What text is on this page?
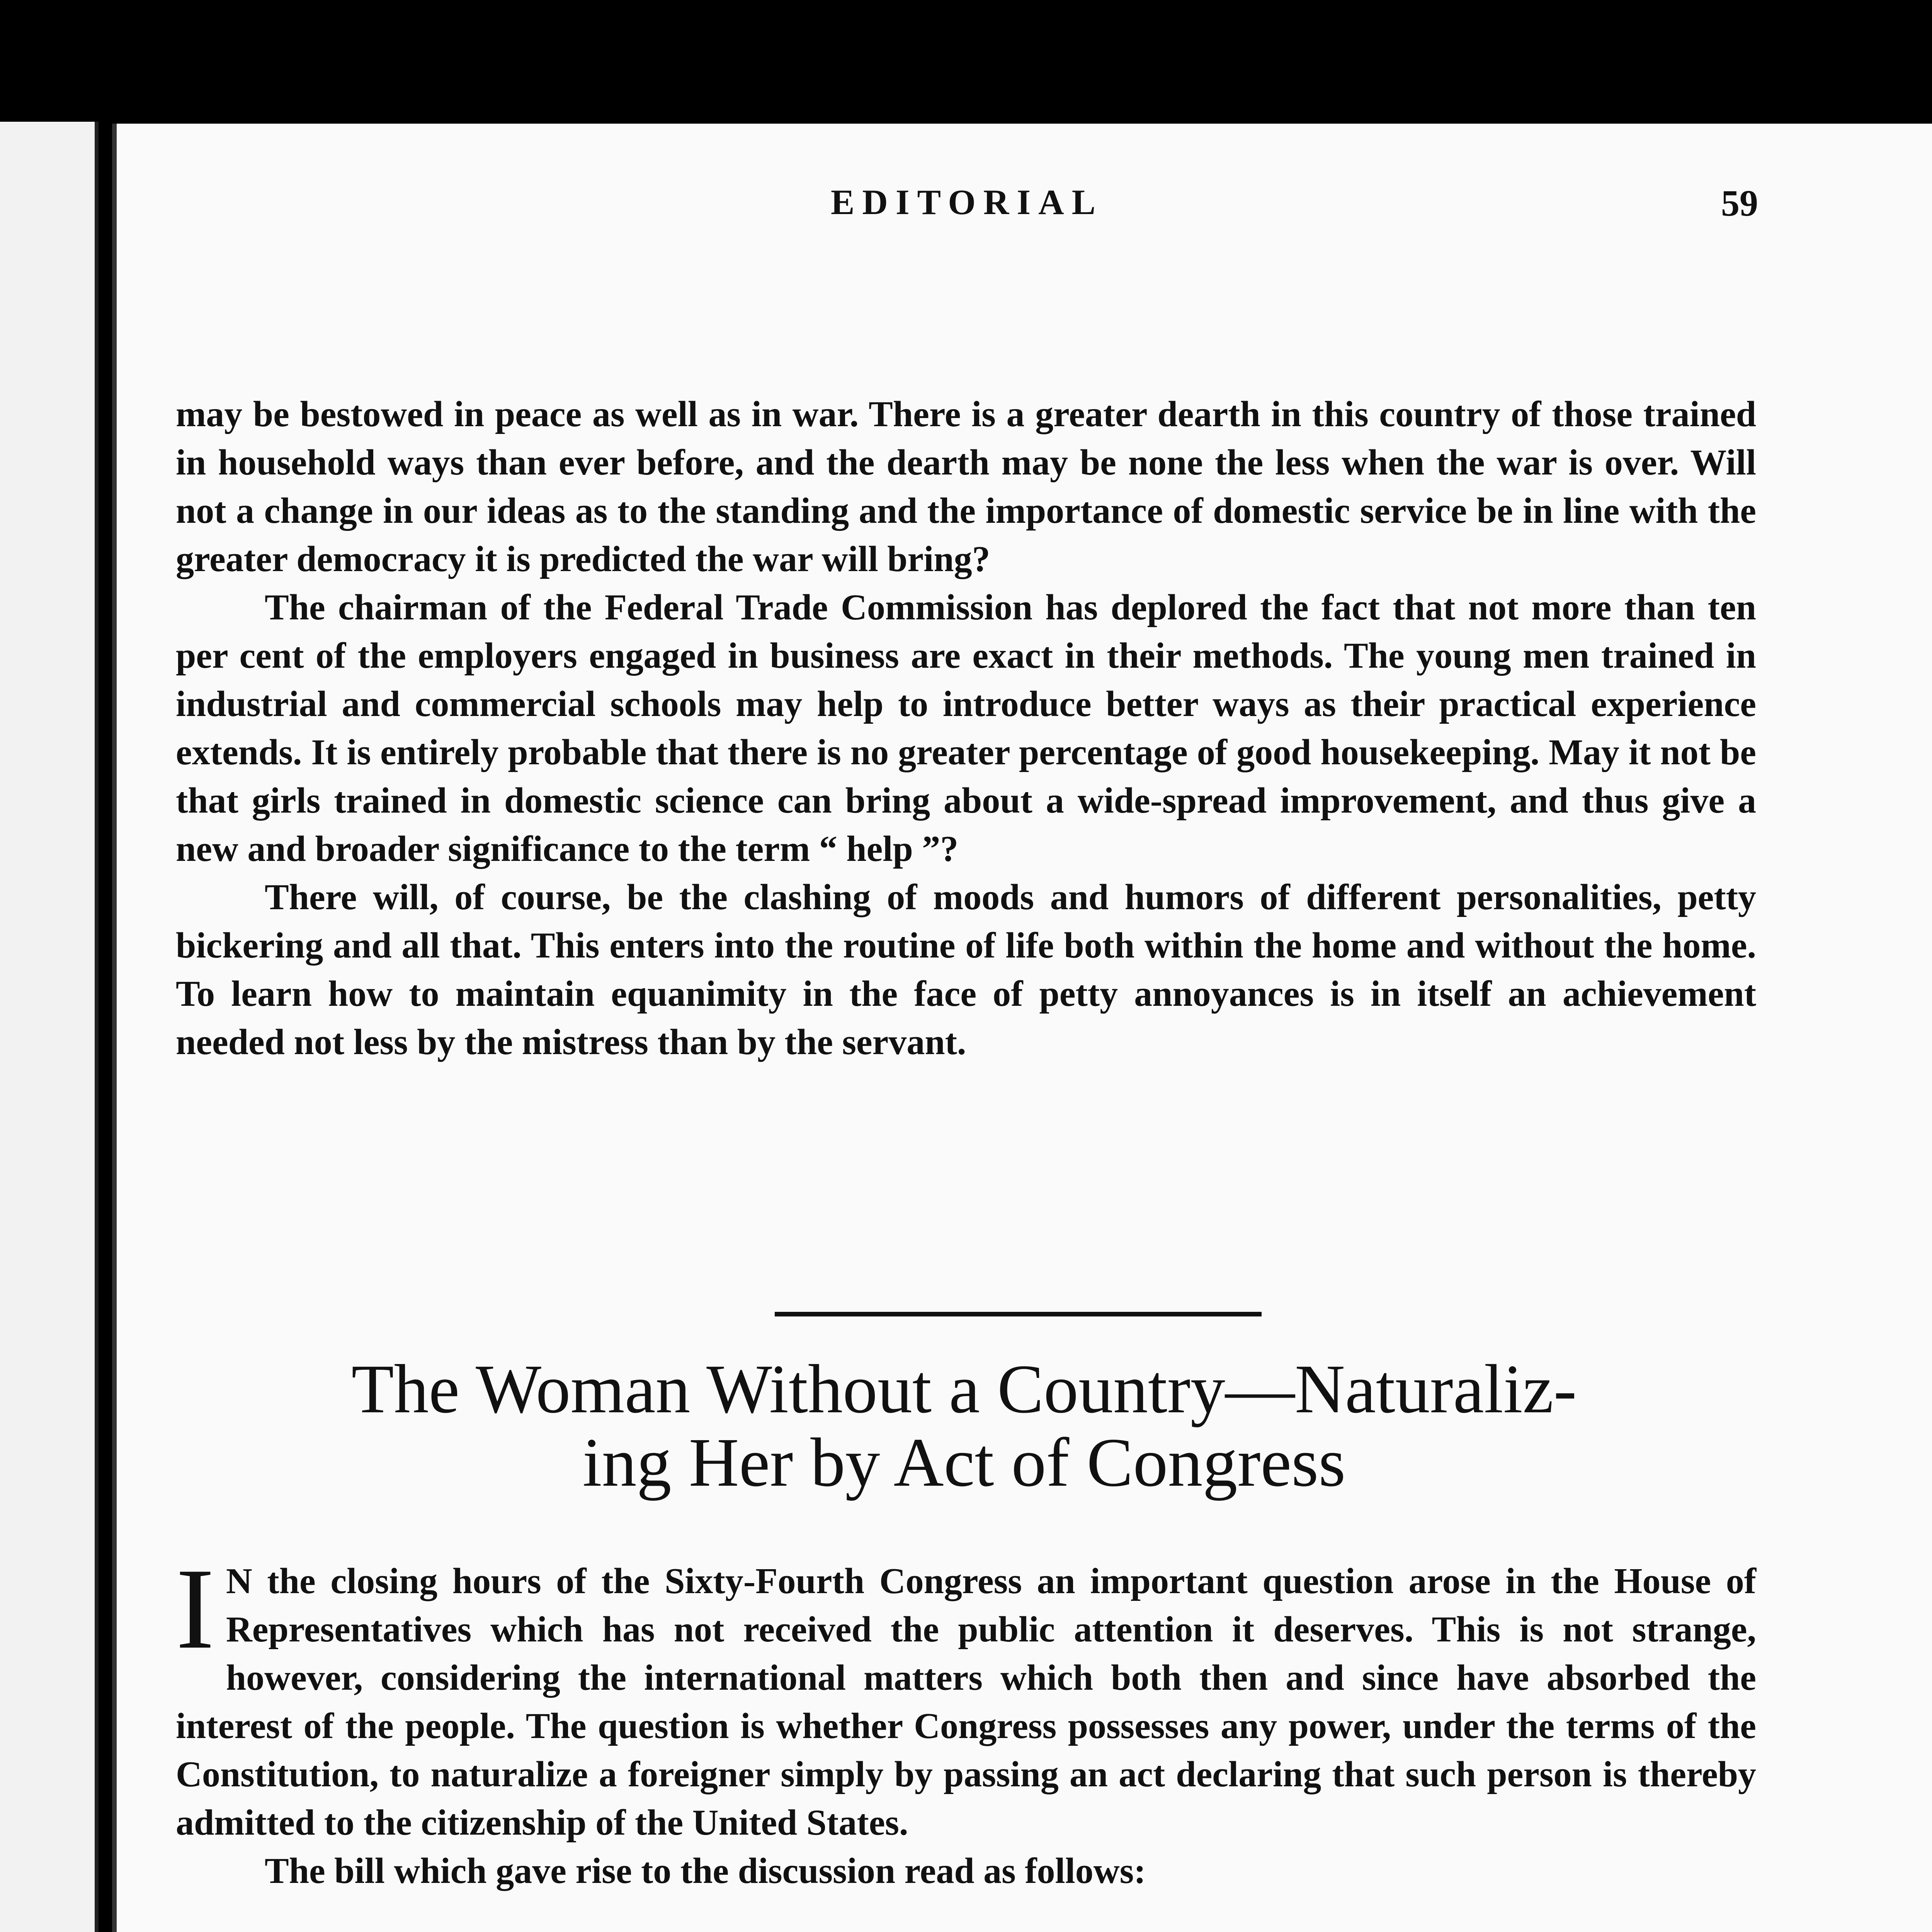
EDITORIAL	59

may be bestowed in peace as well as in war. There is a greater dearth in this country of those trained in household ways than ever before, and the dearth may be none the less when the war is over. Will not a change in our ideas as to the standing and the importance of domestic service be in line with the greater democracy it is predicted the war will bring?

The chairman of the Federal Trade Commission has deplored the fact that not more than ten per cent of the employers engaged in business are exact in their methods. The young men trained in industrial and commercial schools may help to introduce better ways as their practical experience extends. It is entirely probable that there is no greater percentage of good housekeeping. May it not be that girls trained in domestic science can bring about a wide-spread improvement, and thus give a new and broader significance to the term “ help ”?

There will, of course, be the clashing of moods and humors of different personalities, petty bickering and all that. This enters into the routine of life both within the home and without the home. To learn how to maintain equanimity in the face of petty annoyances is in itself an achievement needed not less by the mistress than by the servant.

The Woman Without a Country—Naturaliz-
ing Her by Act of Congress

I N the closing hours of the Sixty-Fourth Congress an important question arose in the House of Representatives which has not received the public attention it deserves. This is not strange, however, considering the international matters which both then and since have absorbed the interest of the people. The question is whether Congress possesses any power, under the terms of the Constitution, to naturalize a foreigner simply by passing an act declaring that such person is thereby admitted to the citizenship of the United States.

The bill which gave rise to the discussion read as follows:
